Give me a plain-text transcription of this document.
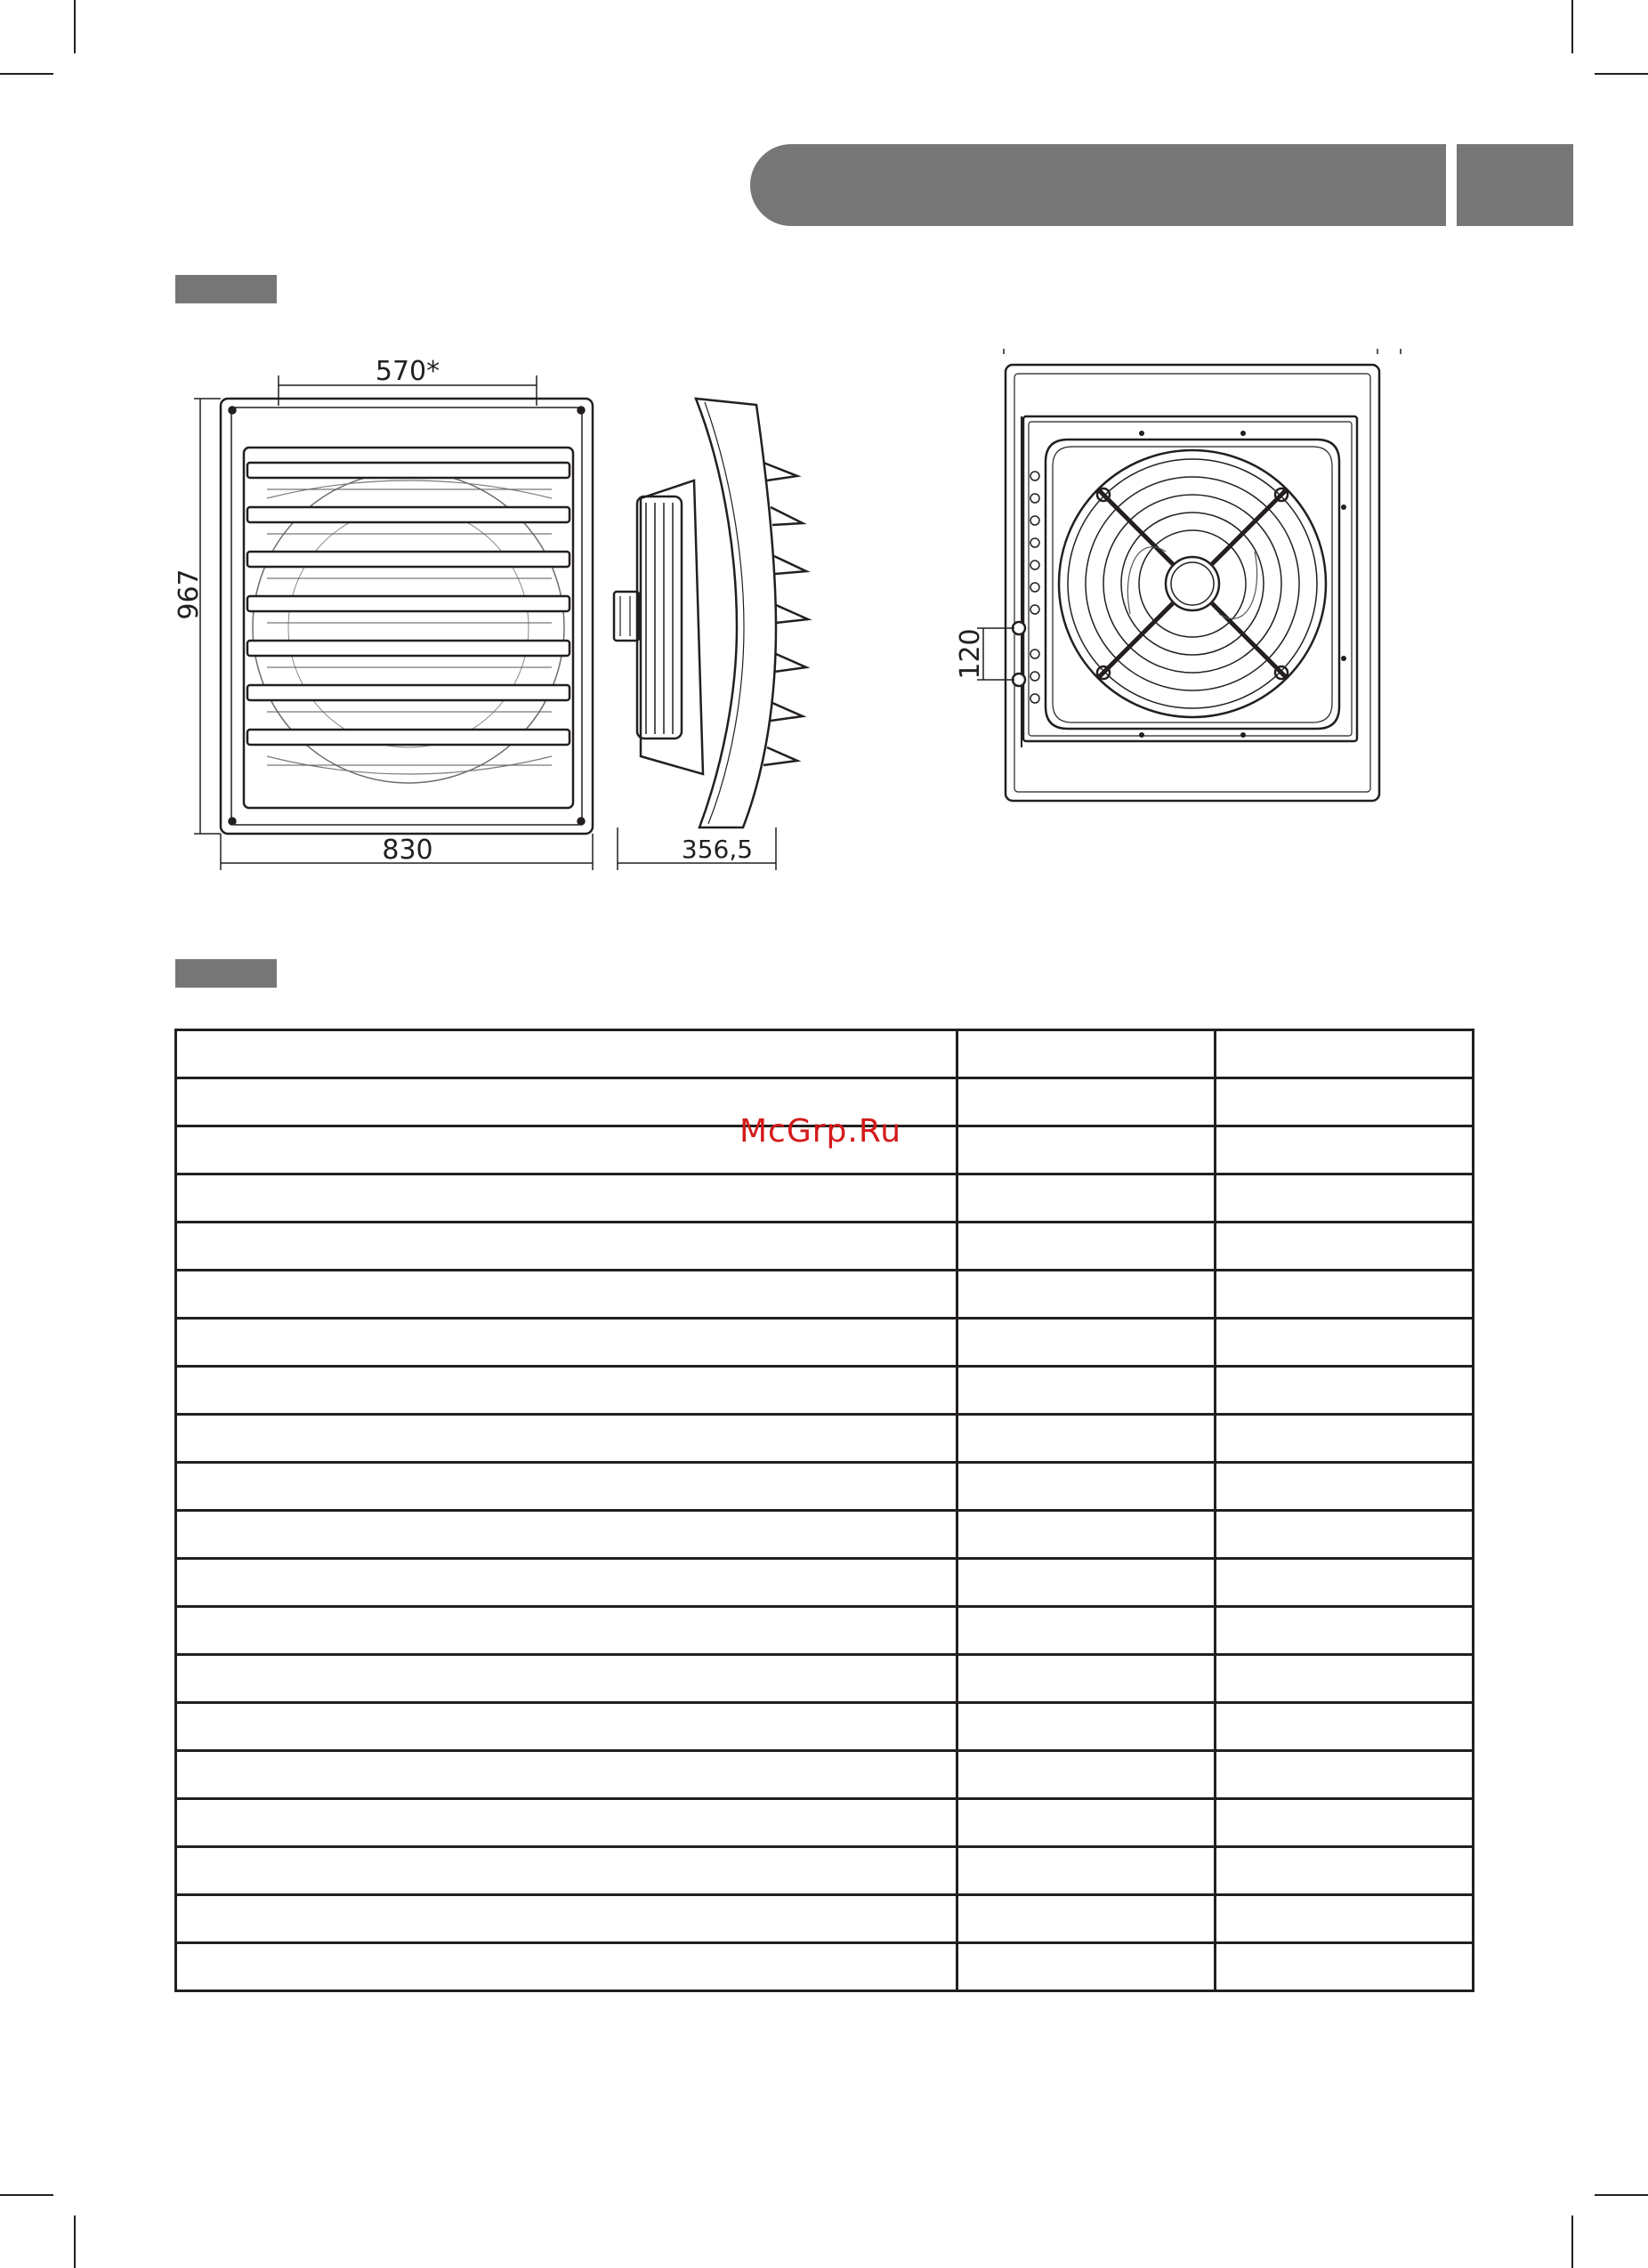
570*
967
830	356,5
120

McGrp.Ru
